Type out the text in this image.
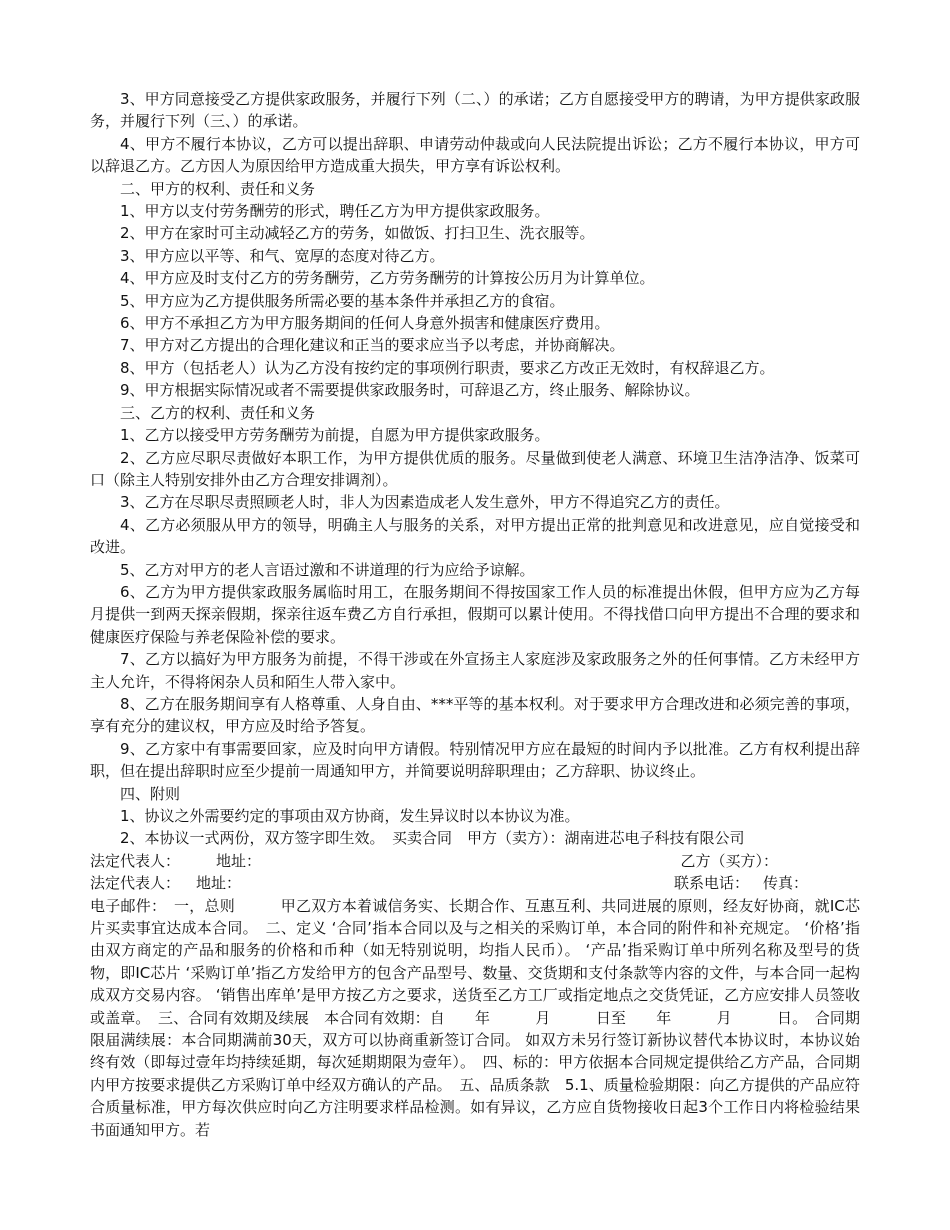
3、甲方同意接受乙方提供家政服务，并履行下列（二、）的承诺；乙方自愿接受甲方的聘请，为甲方提供家政服务，并履行下列（三、）的承诺。

4、甲方不履行本协议，乙方可以提出辞职、申请劳动仲裁或向人民法院提出诉讼；乙方不履行本协议，甲方可以辞退乙方。乙方因人为原因给甲方造成重大损失，甲方享有诉讼权利。

二、甲方的权利、责任和义务

1、甲方以支付劳务酬劳的形式，聘任乙方为甲方提供家政服务。

2、甲方在家时可主动减轻乙方的劳务，如做饭、打扫卫生、洗衣服等。

3、甲方应以平等、和气、宽厚的态度对待乙方。

4、甲方应及时支付乙方的劳务酬劳，乙方劳务酬劳的计算按公历月为计算单位。

5、甲方应为乙方提供服务所需必要的基本条件并承担乙方的食宿。

6、甲方不承担乙方为甲方服务期间的任何人身意外损害和健康医疗费用。

7、甲方对乙方提出的合理化建议和正当的要求应当予以考虑，并协商解决。

8、甲方（包括老人）认为乙方没有按约定的事项例行职责，要求乙方改正无效时，有权辞退乙方。

9、甲方根据实际情况或者不需要提供家政服务时，可辞退乙方，终止服务、解除协议。

三、乙方的权利、责任和义务

1、乙方以接受甲方劳务酬劳为前提，自愿为甲方提供家政服务。

2、乙方应尽职尽责做好本职工作，为甲方提供优质的服务。尽量做到使老人满意、环境卫生洁净洁净、饭菜可口（除主人特别安排外由乙方合理安排调剂）。

3、乙方在尽职尽责照顾老人时，非人为因素造成老人发生意外，甲方不得追究乙方的责任。

4、乙方必须服从甲方的领导，明确主人与服务的关系，对甲方提出正常的批判意见和改进意见，应自觉接受和改进。

5、乙方对甲方的老人言语过激和不讲道理的行为应给予谅解。

6、乙方为甲方提供家政服务属临时用工，在服务期间不得按国家工作人员的标准提出休假，但甲方应为乙方每月提供一到两天探亲假期，探亲往返车费乙方自行承担，假期可以累计使用。不得找借口向甲方提出不合理的要求和健康医疗保险与养老保险补偿的要求。

7、乙方以搞好为甲方服务为前提，不得干涉或在外宣扬主人家庭涉及家政服务之外的任何事情。乙方未经甲方主人允许，不得将闲杂人员和陌生人带入家中。

8、乙方在服务期间享有人格尊重、人身自由、***平等的基本权利。对于要求甲方合理改进和必须完善的事项，享有充分的建议权，甲方应及时给予答复。

9、乙方家中有事需要回家，应及时向甲方请假。特别情况甲方应在最短的时间内予以批准。乙方有权利提出辞职，但在提出辞职时应至少提前一周通知甲方，并简要说明辞职理由；乙方辞职、协议终止。

四、附则

1、协议之外需要约定的事项由双方协商，发生异议时以本协议为准。

2、本协议一式两份，双方签字即生效。　买卖合同　甲方（卖方）：湖南进芯电子科技有限公司

法定代表人：	地址：	乙方（买方）：
法定代表人：	地址：	联系电话： 传真：

电子邮件：　一，总则　　　甲乙双方本着诚信务实、长期合作、互惠互利、共同进展的原则，经友好协商，就IC芯片买卖事宜达成本合同。　二、定义 ‘合同’指本合同以及与之相关的采购订单，本合同的附件和补充规定。 ‘价格’指由双方商定的产品和服务的价格和币种（如无特别说明，均指人民币）。 ‘产品’指采购订单中所列名称及型号的货物，即IC芯片 ‘采购订单’指乙方发给甲方的包含产品型号、数量、交货期和支付条款等内容的文件，与本合同一起构成双方交易内容。 ‘销售出库单’是甲方按乙方之要求，送货至乙方工厂或指定地点之交货凭证，乙方应安排人员签收或盖章。　三、合同有效期及续展　本合同有效期：自　　年　　　月　　　日至　　年　　　月　　　日。　合同期限届满续展：本合同期满前30天，双方可以协商重新签订合同。 如双方未另行签订新协议替代本协议时，本协议始终有效（即每过壹年均持续延期，每次延期期限为壹年）。　四、标的：甲方依据本合同规定提供给乙方产品，合同期内甲方按要求提供乙方采购订单中经双方确认的产品。　五、品质条款　5.1、质量检验期限：向乙方提供的产品应符合质量标准，甲方每次供应时向乙方注明要求样品检测。如有异议，乙方应自货物接收日起3个工作日内将检验结果书面通知甲方。若
